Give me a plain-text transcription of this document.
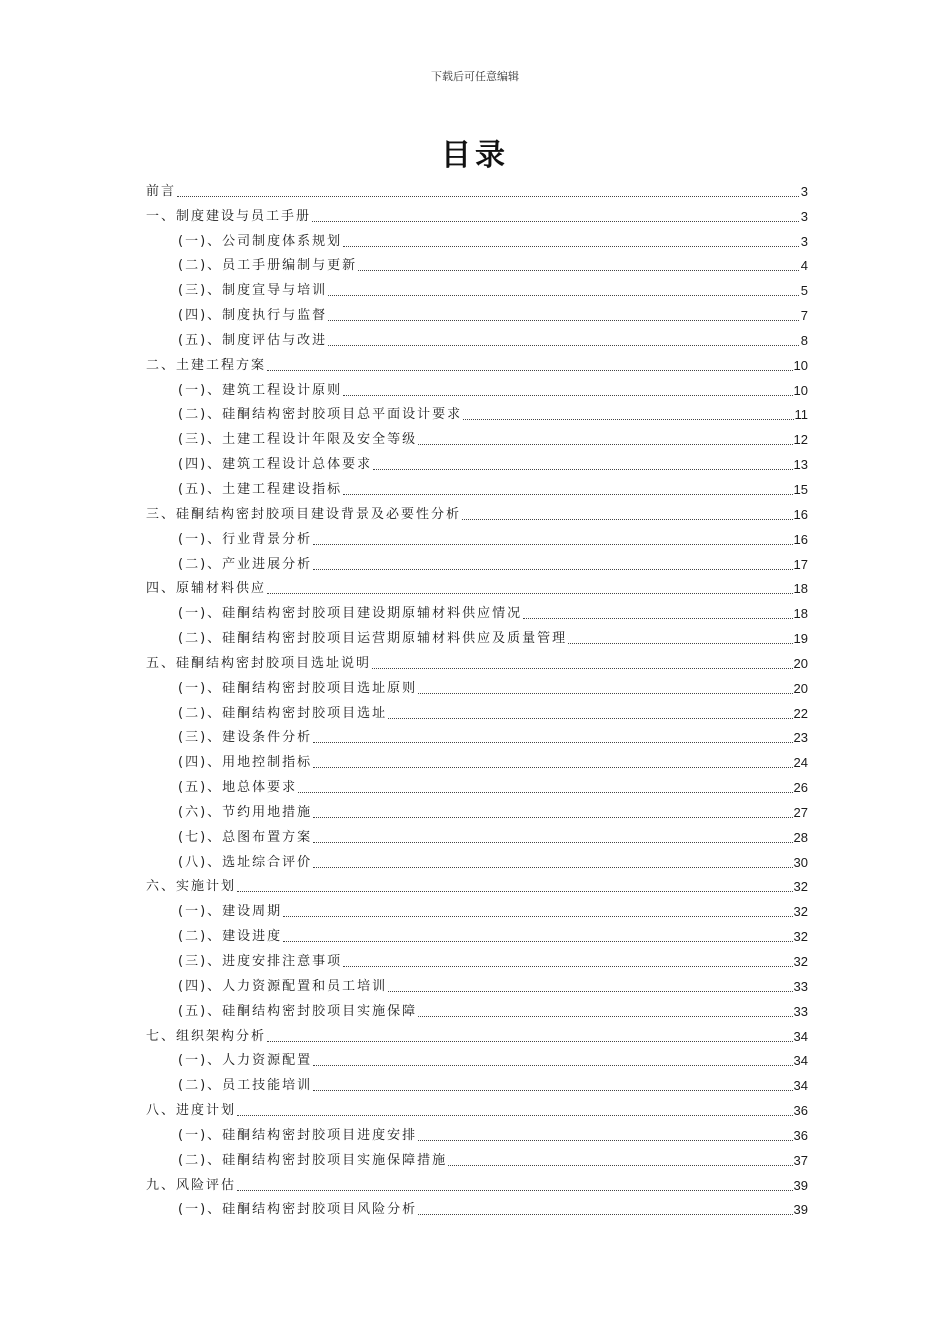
下载后可任意编辑
目录
前言	3
一、制度建设与员工手册	3
(一)、公司制度体系规划	3
(二)、员工手册编制与更新	4
(三)、制度宣导与培训	5
(四)、制度执行与监督	7
(五)、制度评估与改进	8
二、土建工程方案	10
(一)、建筑工程设计原则	10
(二)、硅酮结构密封胶项目总平面设计要求	11
(三)、土建工程设计年限及安全等级	12
(四)、建筑工程设计总体要求	13
(五)、土建工程建设指标	15
三、硅酮结构密封胶项目建设背景及必要性分析	16
(一)、行业背景分析	16
(二)、产业进展分析	17
四、原辅材料供应	18
(一)、硅酮结构密封胶项目建设期原辅材料供应情况	18
(二)、硅酮结构密封胶项目运营期原辅材料供应及质量管理	19
五、硅酮结构密封胶项目选址说明	20
(一)、硅酮结构密封胶项目选址原则	20
(二)、硅酮结构密封胶项目选址	22
(三)、建设条件分析	23
(四)、用地控制指标	24
(五)、地总体要求	26
(六)、节约用地措施	27
(七)、总图布置方案	28
(八)、选址综合评价	30
六、实施计划	32
(一)、建设周期	32
(二)、建设进度	32
(三)、进度安排注意事项	32
(四)、人力资源配置和员工培训	33
(五)、硅酮结构密封胶项目实施保障	33
七、组织架构分析	34
(一)、人力资源配置	34
(二)、员工技能培训	34
八、进度计划	36
(一)、硅酮结构密封胶项目进度安排	36
(二)、硅酮结构密封胶项目实施保障措施	37
九、风险评估	39
(一)、硅酮结构密封胶项目风险分析	39
